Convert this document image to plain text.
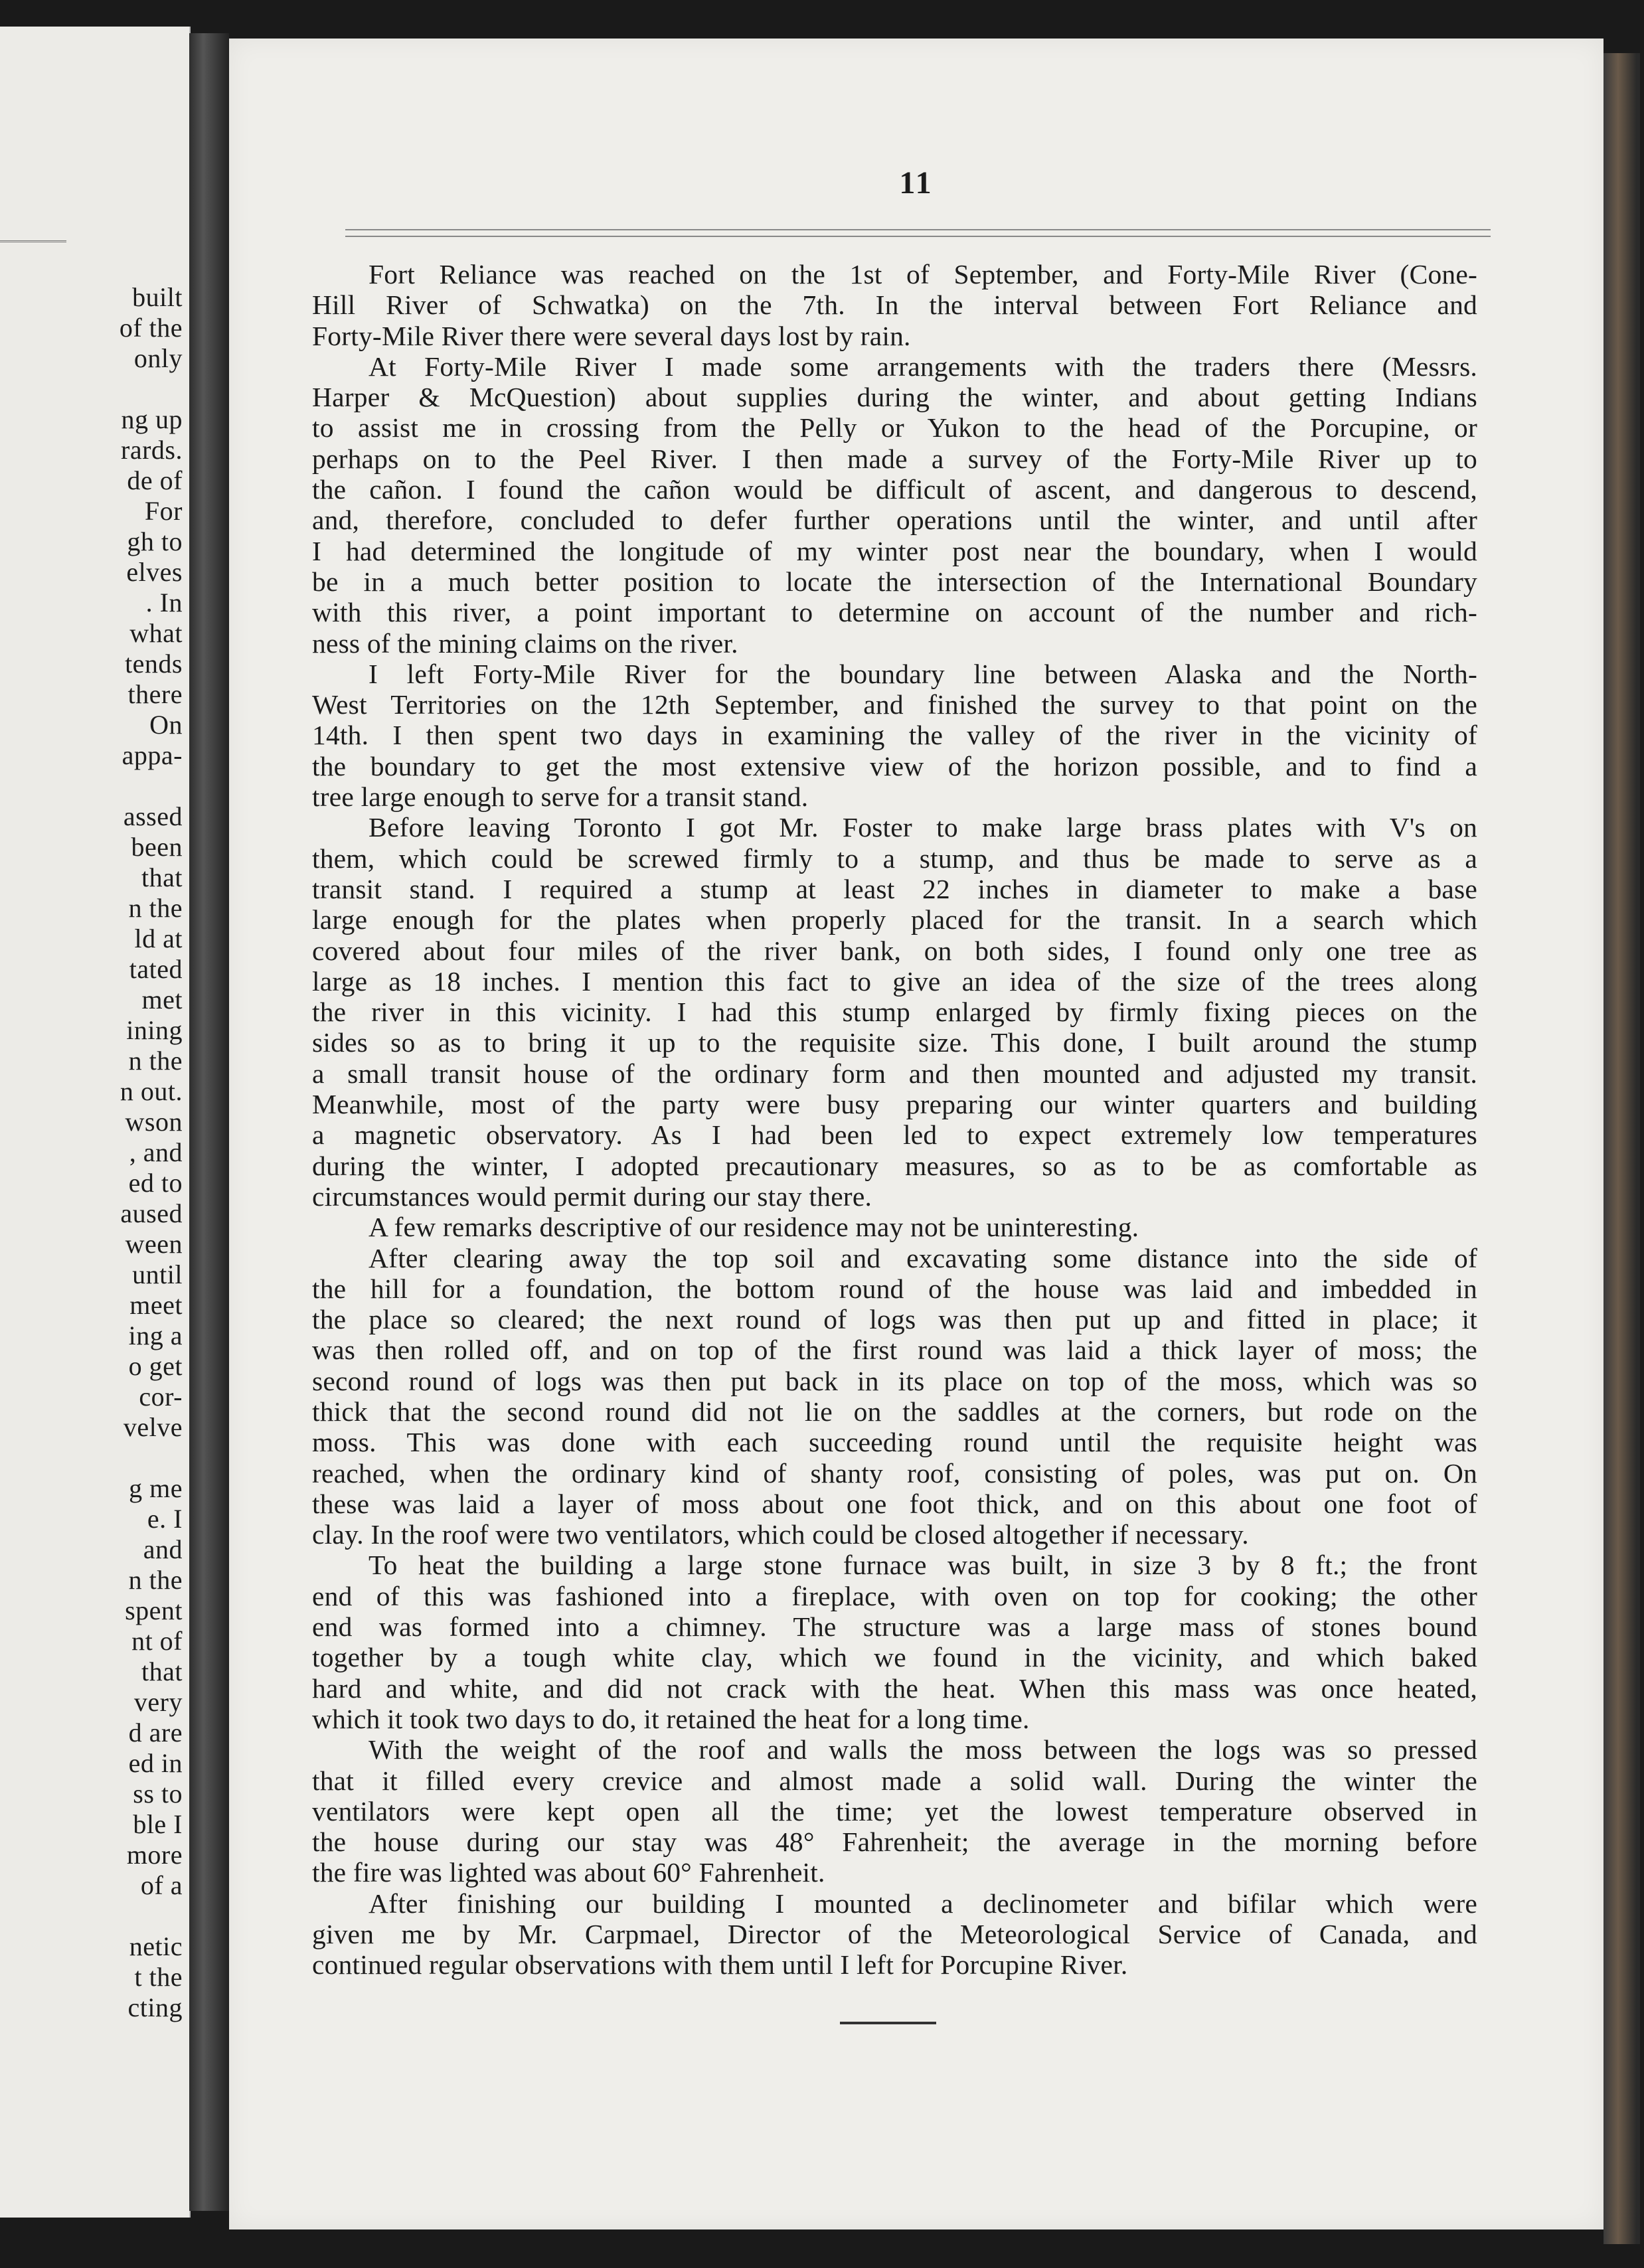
built
of the
only
ng up
rards.
de of
For
gh to
elves
. In
what
tends
there
On
appa-
assed
been
that
n the
ld at
tated
met
ining
n the
n out.
wson
, and
ed to
aused
ween
until
meet
ing a
o get
cor-
velve
g me
e. I
and
n the
spent
nt of
that
very
d are
ed in
ss to
ble I
more
of a
netic
t the
cting
11
Fort Reliance was reached on the 1st of September, and Forty-Mile River (Cone-
Hill River of Schwatka) on the 7th. In the interval between Fort Reliance and
Forty-Mile River there were several days lost by rain.
At Forty-Mile River I made some arrangements with the traders there (Messrs.
Harper & McQuestion) about supplies during the winter, and about getting Indians
to assist me in crossing from the Pelly or Yukon to the head of the Porcupine, or
perhaps on to the Peel River. I then made a survey of the Forty-Mile River up to
the cañon. I found the cañon would be difficult of ascent, and dangerous to descend,
and, therefore, concluded to defer further operations until the winter, and until after
I had determined the longitude of my winter post near the boundary, when I would
be in a much better position to locate the intersection of the International Boundary
with this river, a point important to determine on account of the number and rich-
ness of the mining claims on the river.
I left Forty-Mile River for the boundary line between Alaska and the North-
West Territories on the 12th September, and finished the survey to that point on the
14th. I then spent two days in examining the valley of the river in the vicinity of
the boundary to get the most extensive view of the horizon possible, and to find a
tree large enough to serve for a transit stand.
Before leaving Toronto I got Mr. Foster to make large brass plates with V's on
them, which could be screwed firmly to a stump, and thus be made to serve as a
transit stand. I required a stump at least 22 inches in diameter to make a base
large enough for the plates when properly placed for the transit. In a search which
covered about four miles of the river bank, on both sides, I found only one tree as
large as 18 inches. I mention this fact to give an idea of the size of the trees along
the river in this vicinity. I had this stump enlarged by firmly fixing pieces on the
sides so as to bring it up to the requisite size. This done, I built around the stump
a small transit house of the ordinary form and then mounted and adjusted my transit.
Meanwhile, most of the party were busy preparing our winter quarters and building
a magnetic observatory. As I had been led to expect extremely low temperatures
during the winter, I adopted precautionary measures, so as to be as comfortable as
circumstances would permit during our stay there.
A few remarks descriptive of our residence may not be uninteresting.
After clearing away the top soil and excavating some distance into the side of
the hill for a foundation, the bottom round of the house was laid and imbedded in
the place so cleared; the next round of logs was then put up and fitted in place; it
was then rolled off, and on top of the first round was laid a thick layer of moss; the
second round of logs was then put back in its place on top of the moss, which was so
thick that the second round did not lie on the saddles at the corners, but rode on the
moss. This was done with each succeeding round until the requisite height was
reached, when the ordinary kind of shanty roof, consisting of poles, was put on. On
these was laid a layer of moss about one foot thick, and on this about one foot of
clay. In the roof were two ventilators, which could be closed altogether if necessary.
To heat the building a large stone furnace was built, in size 3 by 8 ft.; the front
end of this was fashioned into a fireplace, with oven on top for cooking; the other
end was formed into a chimney. The structure was a large mass of stones bound
together by a tough white clay, which we found in the vicinity, and which baked
hard and white, and did not crack with the heat. When this mass was once heated,
which it took two days to do, it retained the heat for a long time.
With the weight of the roof and walls the moss between the logs was so pressed
that it filled every crevice and almost made a solid wall. During the winter the
ventilators were kept open all the time; yet the lowest temperature observed in
the house during our stay was 48° Fahrenheit; the average in the morning before
the fire was lighted was about 60° Fahrenheit.
After finishing our building I mounted a declinometer and bifilar which were
given me by Mr. Carpmael, Director of the Meteorological Service of Canada, and
continued regular observations with them until I left for Porcupine River.
